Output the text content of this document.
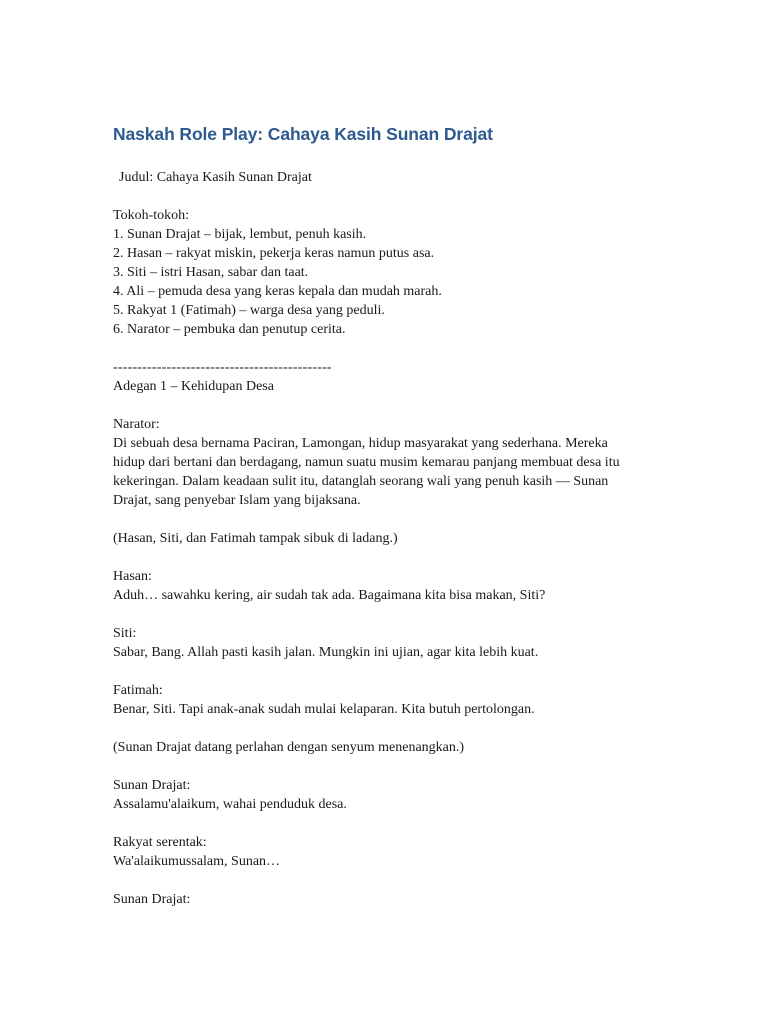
Naskah Role Play: Cahaya Kasih Sunan Drajat
Judul: Cahaya Kasih Sunan Drajat
Tokoh-tokoh:
1. Sunan Drajat – bijak, lembut, penuh kasih.
2. Hasan – rakyat miskin, pekerja keras namun putus asa.
3. Siti – istri Hasan, sabar dan taat.
4. Ali – pemuda desa yang keras kepala dan mudah marah.
5. Rakyat 1 (Fatimah) – warga desa yang peduli.
6. Narator – pembuka dan penutup cerita.
---------------------------------------------
Adegan 1 – Kehidupan Desa
Narator:
Di sebuah desa bernama Paciran, Lamongan, hidup masyarakat yang sederhana. Mereka
hidup dari bertani dan berdagang, namun suatu musim kemarau panjang membuat desa itu
kekeringan. Dalam keadaan sulit itu, datanglah seorang wali yang penuh kasih — Sunan
Drajat, sang penyebar Islam yang bijaksana.
(Hasan, Siti, dan Fatimah tampak sibuk di ladang.)
Hasan:
Aduh… sawahku kering, air sudah tak ada. Bagaimana kita bisa makan, Siti?
Siti:
Sabar, Bang. Allah pasti kasih jalan. Mungkin ini ujian, agar kita lebih kuat.
Fatimah:
Benar, Siti. Tapi anak-anak sudah mulai kelaparan. Kita butuh pertolongan.
(Sunan Drajat datang perlahan dengan senyum menenangkan.)
Sunan Drajat:
Assalamu'alaikum, wahai penduduk desa.
Rakyat serentak:
Wa'alaikumussalam, Sunan…
Sunan Drajat:
